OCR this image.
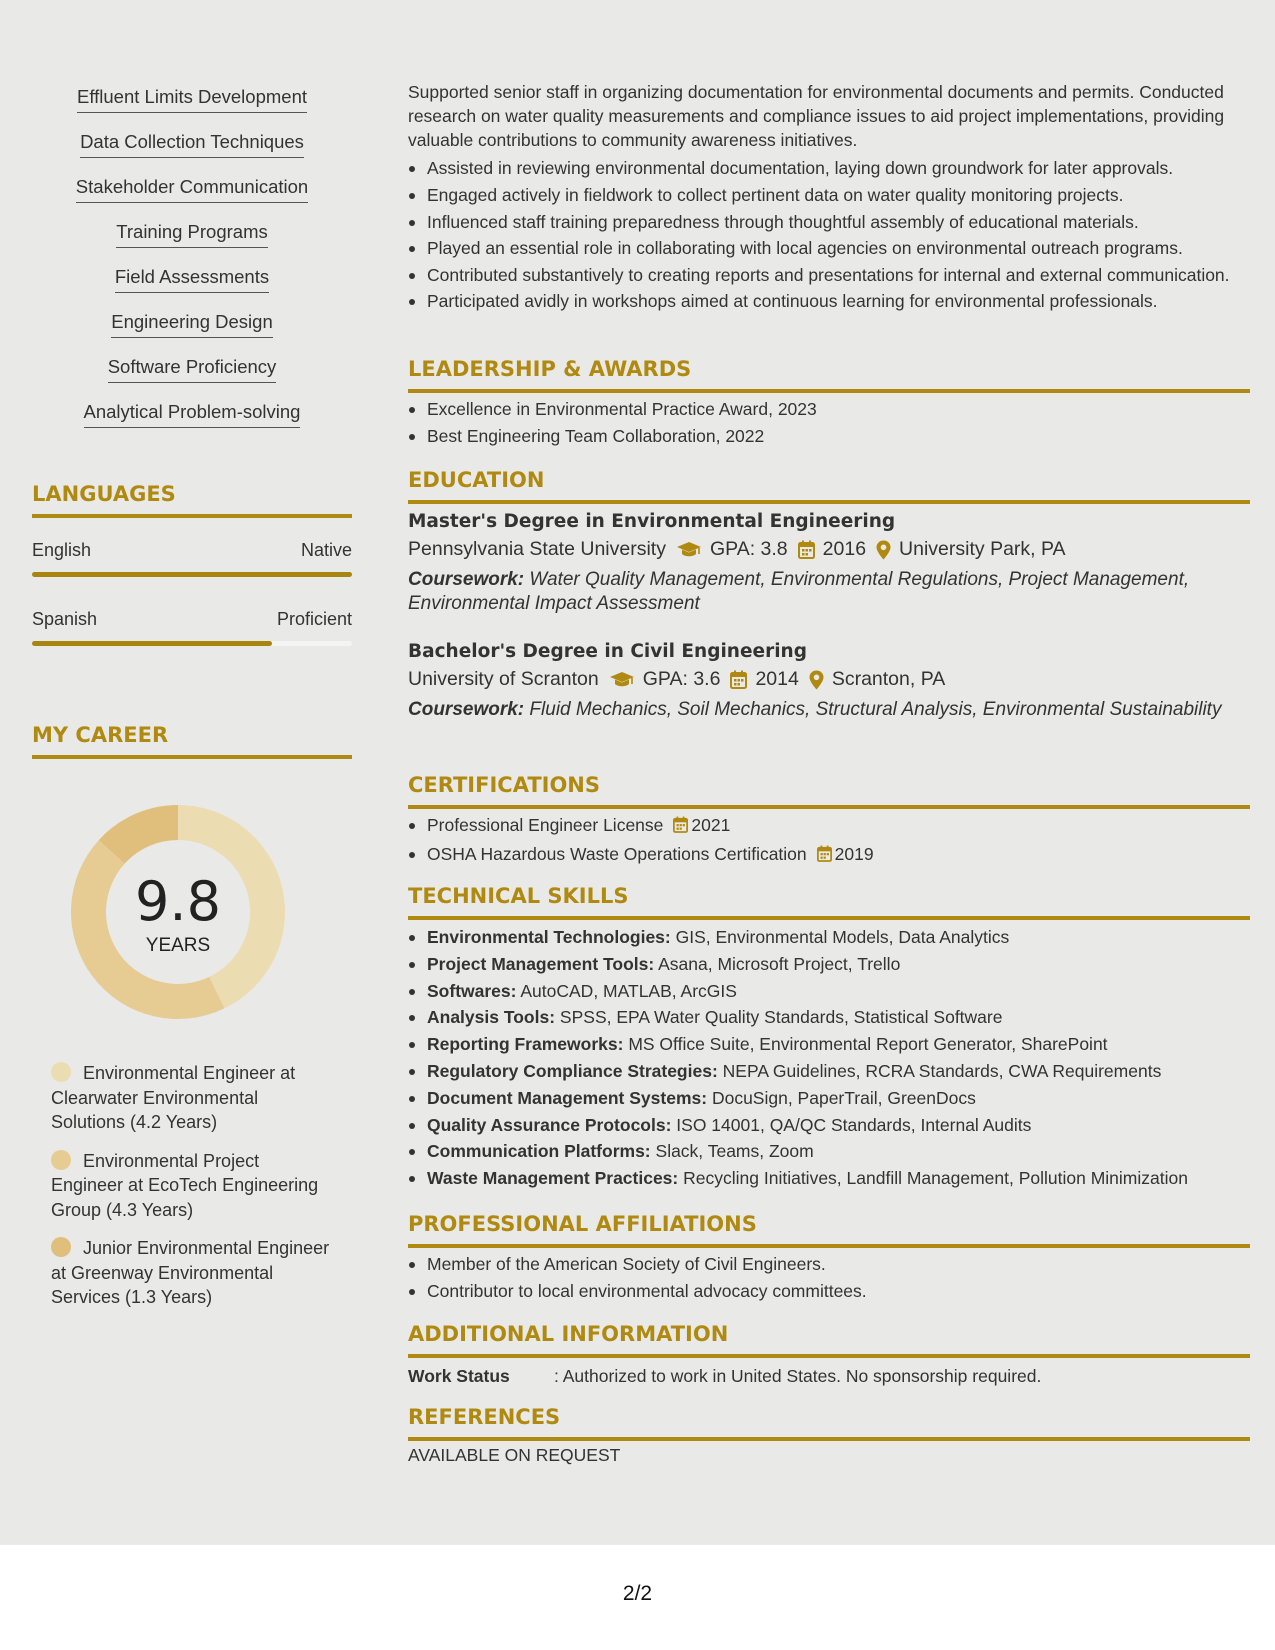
Effluent Limits Development
Data Collection Techniques
Stakeholder Communication
Training Programs
Field Assessments
Engineering Design
Software Proficiency
Analytical Problem-solving
LANGUAGES
English	Native
Spanish	Proficient
MY CAREER
9.8
YEARS
Environmental Engineer at Clearwater Environmental Solutions (4.2 Years)
Environmental Project Engineer at EcoTech Engineering Group (4.3 Years)
Junior Environmental Engineer at Greenway Environmental Services (1.3 Years)

Supported senior staff in organizing documentation for environmental documents and permits. Conducted research on water quality measurements and compliance issues to aid project implementations, providing valuable contributions to community awareness initiatives.

Assisted in reviewing environmental documentation, laying down groundwork for later approvals.
Engaged actively in fieldwork to collect pertinent data on water quality monitoring projects.
Influenced staff training preparedness through thoughtful assembly of educational materials.
Played an essential role in collaborating with local agencies on environmental outreach programs.
Contributed substantively to creating reports and presentations for internal and external communication.
Participated avidly in workshops aimed at continuous learning for environmental professionals.
LEADERSHIP & AWARDS
Excellence in Environmental Practice Award, 2023
Best Engineering Team Collaboration, 2022
EDUCATION
Master's Degree in Environmental Engineering
Pennsylvania State University GPA: 3.8 2016 University Park, PA
Coursework: Water Quality Management, Environmental Regulations, Project Management, Environmental Impact Assessment
Bachelor's Degree in Civil Engineering
University of Scranton GPA: 3.6 2014 Scranton, PA
Coursework: Fluid Mechanics, Soil Mechanics, Structural Analysis, Environmental Sustainability
CERTIFICATIONS
Professional Engineer License 2021
OSHA Hazardous Waste Operations Certification 2019
TECHNICAL SKILLS
Environmental Technologies: GIS, Environmental Models, Data Analytics
Project Management Tools: Asana, Microsoft Project, Trello
Softwares: AutoCAD, MATLAB, ArcGIS
Analysis Tools: SPSS, EPA Water Quality Standards, Statistical Software
Reporting Frameworks: MS Office Suite, Environmental Report Generator, SharePoint
Regulatory Compliance Strategies: NEPA Guidelines, RCRA Standards, CWA Requirements
Document Management Systems: DocuSign, PaperTrail, GreenDocs
Quality Assurance Protocols: ISO 14001, QA/QC Standards, Internal Audits
Communication Platforms: Slack, Teams, Zoom
Waste Management Practices: Recycling Initiatives, Landfill Management, Pollution Minimization
PROFESSIONAL AFFILIATIONS
Member of the American Society of Civil Engineers.
Contributor to local environmental advocacy committees.
ADDITIONAL INFORMATION
Work Status	: Authorized to work in United States. No sponsorship required.
REFERENCES
AVAILABLE ON REQUEST
2/2
